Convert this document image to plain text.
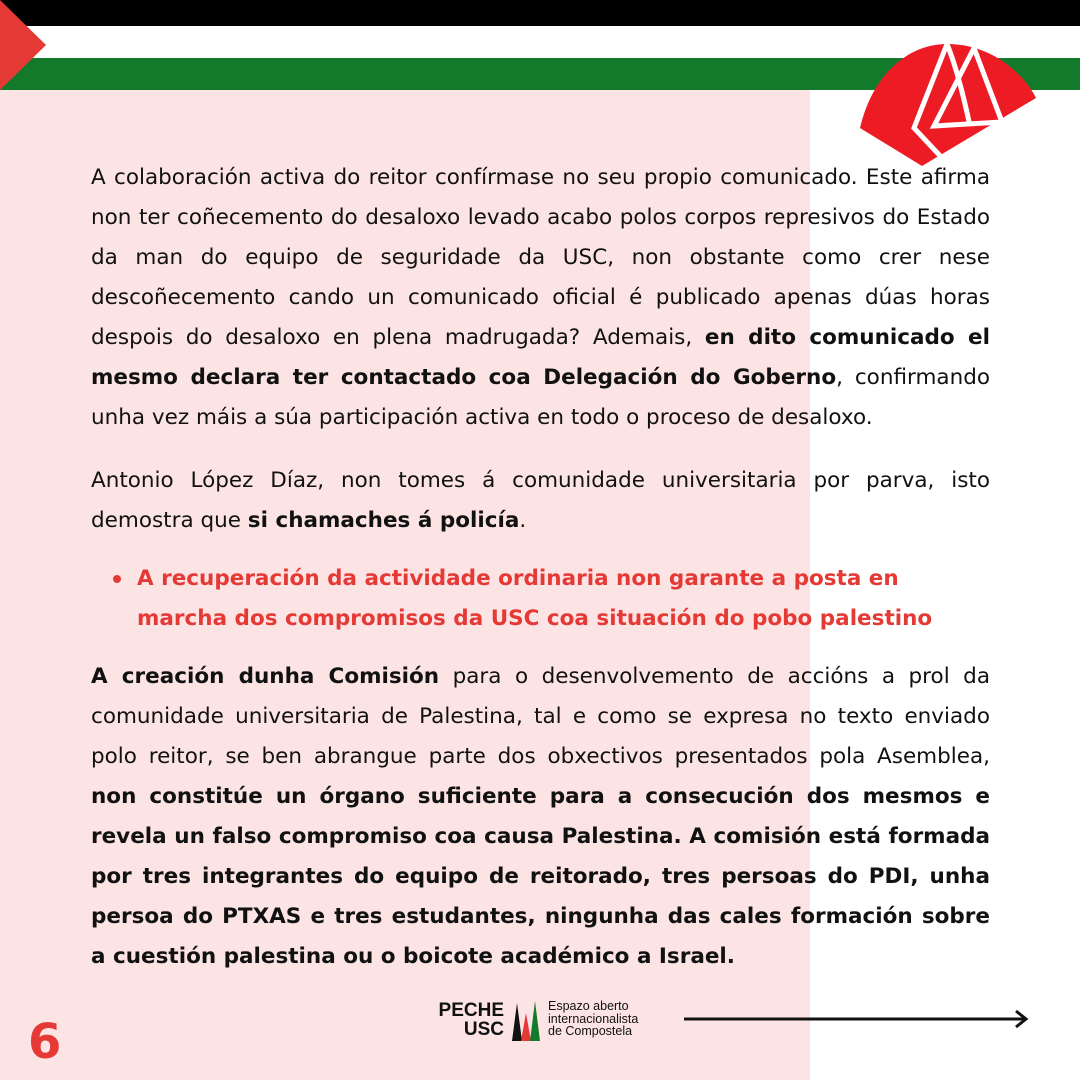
A colaboración activa do reitor confírmase no seu propio comunicado. Este afirma non ter coñecemento do desaloxo levado acabo polos corpos represivos do Estado da man do equipo de seguridade da USC, non obstante como crer nese descoñecemento cando un comunicado oficial é publicado apenas dúas horas despois do desaloxo en plena madrugada? Ademais, en dito comunicado el mesmo declara ter contactado coa Delegación do Goberno, confirmando unha vez máis a súa participación activa en todo o proceso de desaloxo.

Antonio López Díaz, non tomes á comunidade universitaria por parva, isto demostra que si chamaches á policía.

A recuperación da actividade ordinaria non garante a posta en marcha dos compromisos da USC coa situación do pobo palestino

A creación dunha Comisión para o desenvolvemento de accións a prol da comunidade universitaria de Palestina, tal e como se expresa no texto enviado polo reitor, se ben abrangue parte dos obxectivos presentados pola Asemblea, non constitúe un órgano suficiente para a consecución dos mesmos e revela un falso compromiso coa causa Palestina. A comisión está formada por tres integrantes do equipo de reitorado, tres persoas do PDI, unha persoa do PTXAS e tres estudantes, ningunha das cales formación sobre a cuestión palestina ou o boicote académico a Israel.

6
PECHE
USC
Espazo aberto
internacionalista
de Compostela
